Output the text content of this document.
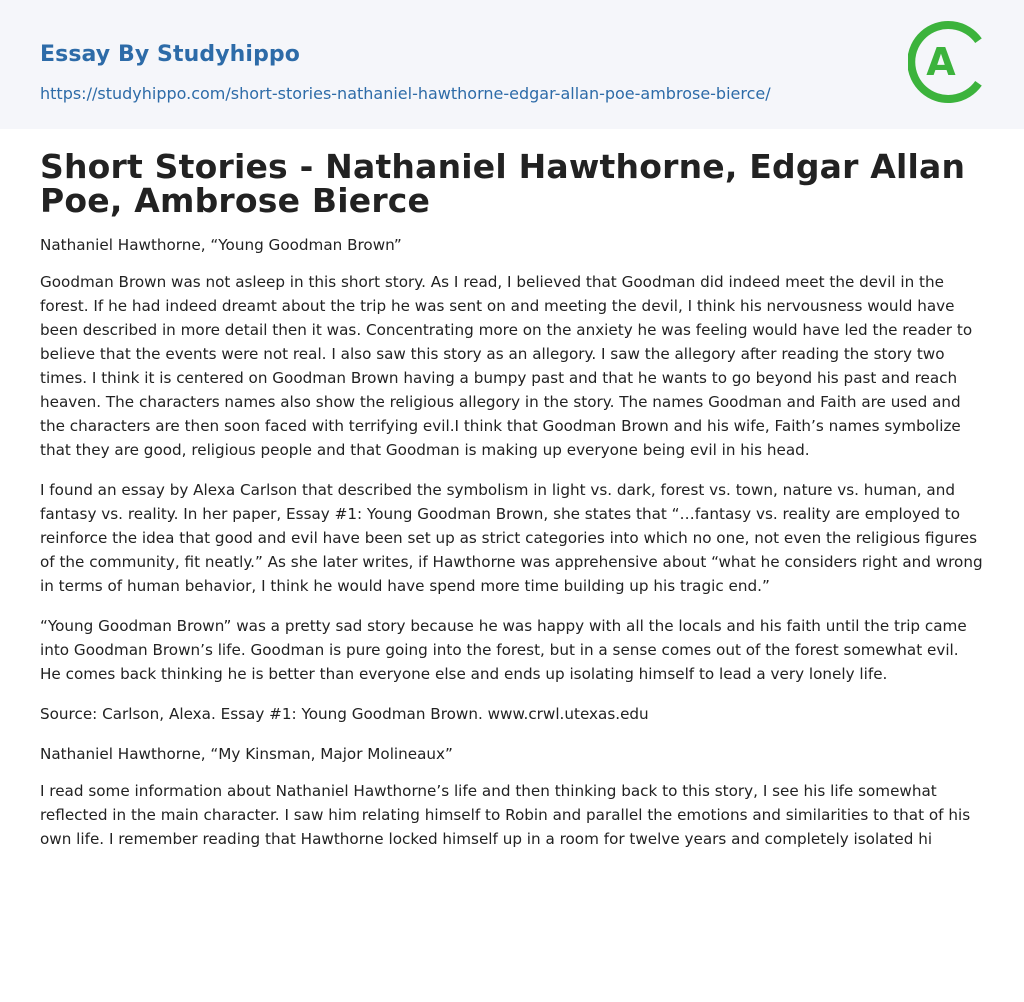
Essay By Studyhippo
https://studyhippo.com/short-stories-nathaniel-hawthorne-edgar-allan-poe-ambrose-bierce/
A
Short Stories - Nathaniel Hawthorne, Edgar Allan Poe, Ambrose Bierce

Nathaniel Hawthorne, “Young Goodman Brown”

Goodman Brown was not asleep in this short story. As I read, I believed that Goodman did indeed meet the devil in the forest. If he had indeed dreamt about the trip he was sent on and meeting the devil, I think his nervousness would have been described in more detail then it was. Concentrating more on the anxiety he was feeling would have led the reader to believe that the events were not real. I also saw this story as an allegory. I saw the allegory after reading the story two times. I think it is centered on Goodman Brown having a bumpy past and that he wants to go beyond his past and reach heaven. The characters names also show the religious allegory in the story. The names Goodman and Faith are used and the characters are then soon faced with terrifying evil.I think that Goodman Brown and his wife, Faith’s names symbolize that they are good, religious people and that Goodman is making up everyone being evil in his head.

I found an essay by Alexa Carlson that described the symbolism in light vs. dark, forest vs. town, nature vs. human, and fantasy vs. reality. In her paper, Essay #1: Young Goodman Brown, she states that “…fantasy vs. reality are employed to reinforce the idea that good and evil have been set up as strict categories into which no one, not even the religious figures of the community, fit neatly.” As she later writes, if Hawthorne was apprehensive about “what he considers right and wrong in terms of human behavior, I think he would have spend more time building up his tragic end.”

“Young Goodman Brown” was a pretty sad story because he was happy with all the locals and his faith until the trip came into Goodman Brown’s life. Goodman is pure going into the forest, but in a sense comes out of the forest somewhat evil. He comes back thinking he is better than everyone else and ends up isolating himself to lead a very lonely life.

Source: Carlson, Alexa. Essay #1: Young Goodman Brown. www.crwl.utexas.edu

Nathaniel Hawthorne, “My Kinsman, Major Molineaux”

I read some information about Nathaniel Hawthorne’s life and then thinking back to this story, I see his life somewhat reflected in the main character. I saw him relating himself to Robin and parallel the emotions and similarities to that of his own life. I remember reading that Hawthorne locked himself up in a room for twelve years and completely isolated hi
